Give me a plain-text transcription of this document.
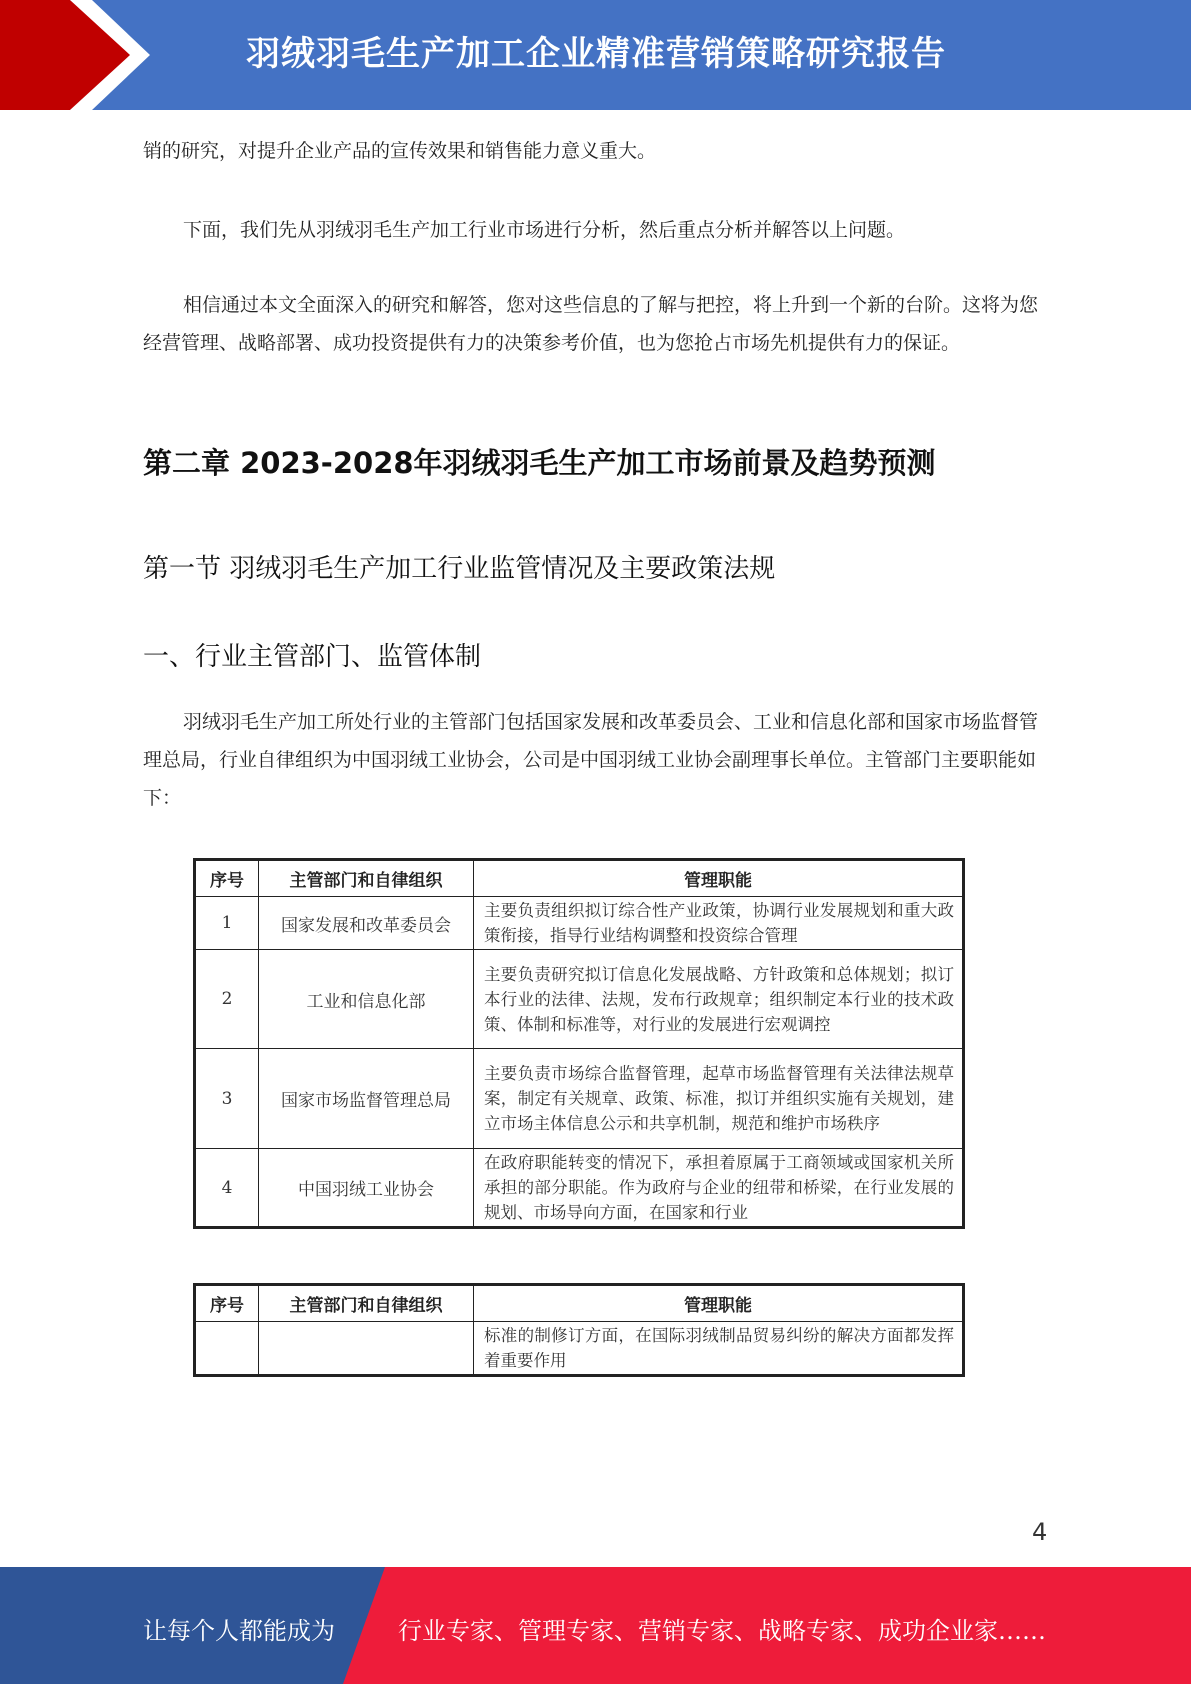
羽绒羽毛生产加工企业精准营销策略研究报告
销的研究，对提升企业产品的宣传效果和销售能力意义重大。
下面，我们先从羽绒羽毛生产加工行业市场进行分析，然后重点分析并解答以上问题。
相信通过本文全面深入的研究和解答，您对这些信息的了解与把控，将上升到一个新的台阶。这将为您经营管理、战略部署、成功投资提供有力的决策参考价值，也为您抢占市场先机提供有力的保证。
第二章 2023-2028年羽绒羽毛生产加工市场前景及趋势预测
第一节 羽绒羽毛生产加工行业监管情况及主要政策法规
一、行业主管部门、监管体制
羽绒羽毛生产加工所处行业的主管部门包括国家发展和改革委员会、工业和信息化部和国家市场监督管理总局，行业自律组织为中国羽绒工业协会，公司是中国羽绒工业协会副理事长单位。主管部门主要职能如下：
序号	主管部门和自律组织	管理职能
1	国家发展和改革委员会	主要负责组织拟订综合性产业政策，协调行业发展规划和重大政策衔接，指导行业结构调整和投资综合管理
2	工业和信息化部	主要负责研究拟订信息化发展战略、方针政策和总体规划；拟订本行业的法律、法规，发布行政规章；组织制定本行业的技术政策、体制和标准等，对行业的发展进行宏观调控
3	国家市场监督管理总局	主要负责市场综合监督管理，起草市场监督管理有关法律法规草案，制定有关规章、政策、标准，拟订并组织实施有关规划，建立市场主体信息公示和共享机制，规范和维护市场秩序
4	中国羽绒工业协会	在政府职能转变的情况下，承担着原属于工商领域或国家机关所承担的部分职能。作为政府与企业的纽带和桥梁，在行业发展的规划、市场导向方面，在国家和行业
序号	主管部门和自律组织	管理职能
		标准的制修订方面，在国际羽绒制品贸易纠纷的解决方面都发挥着重要作用
4
让每个人都能成为	行业专家、管理专家、营销专家、战略专家、成功企业家……
